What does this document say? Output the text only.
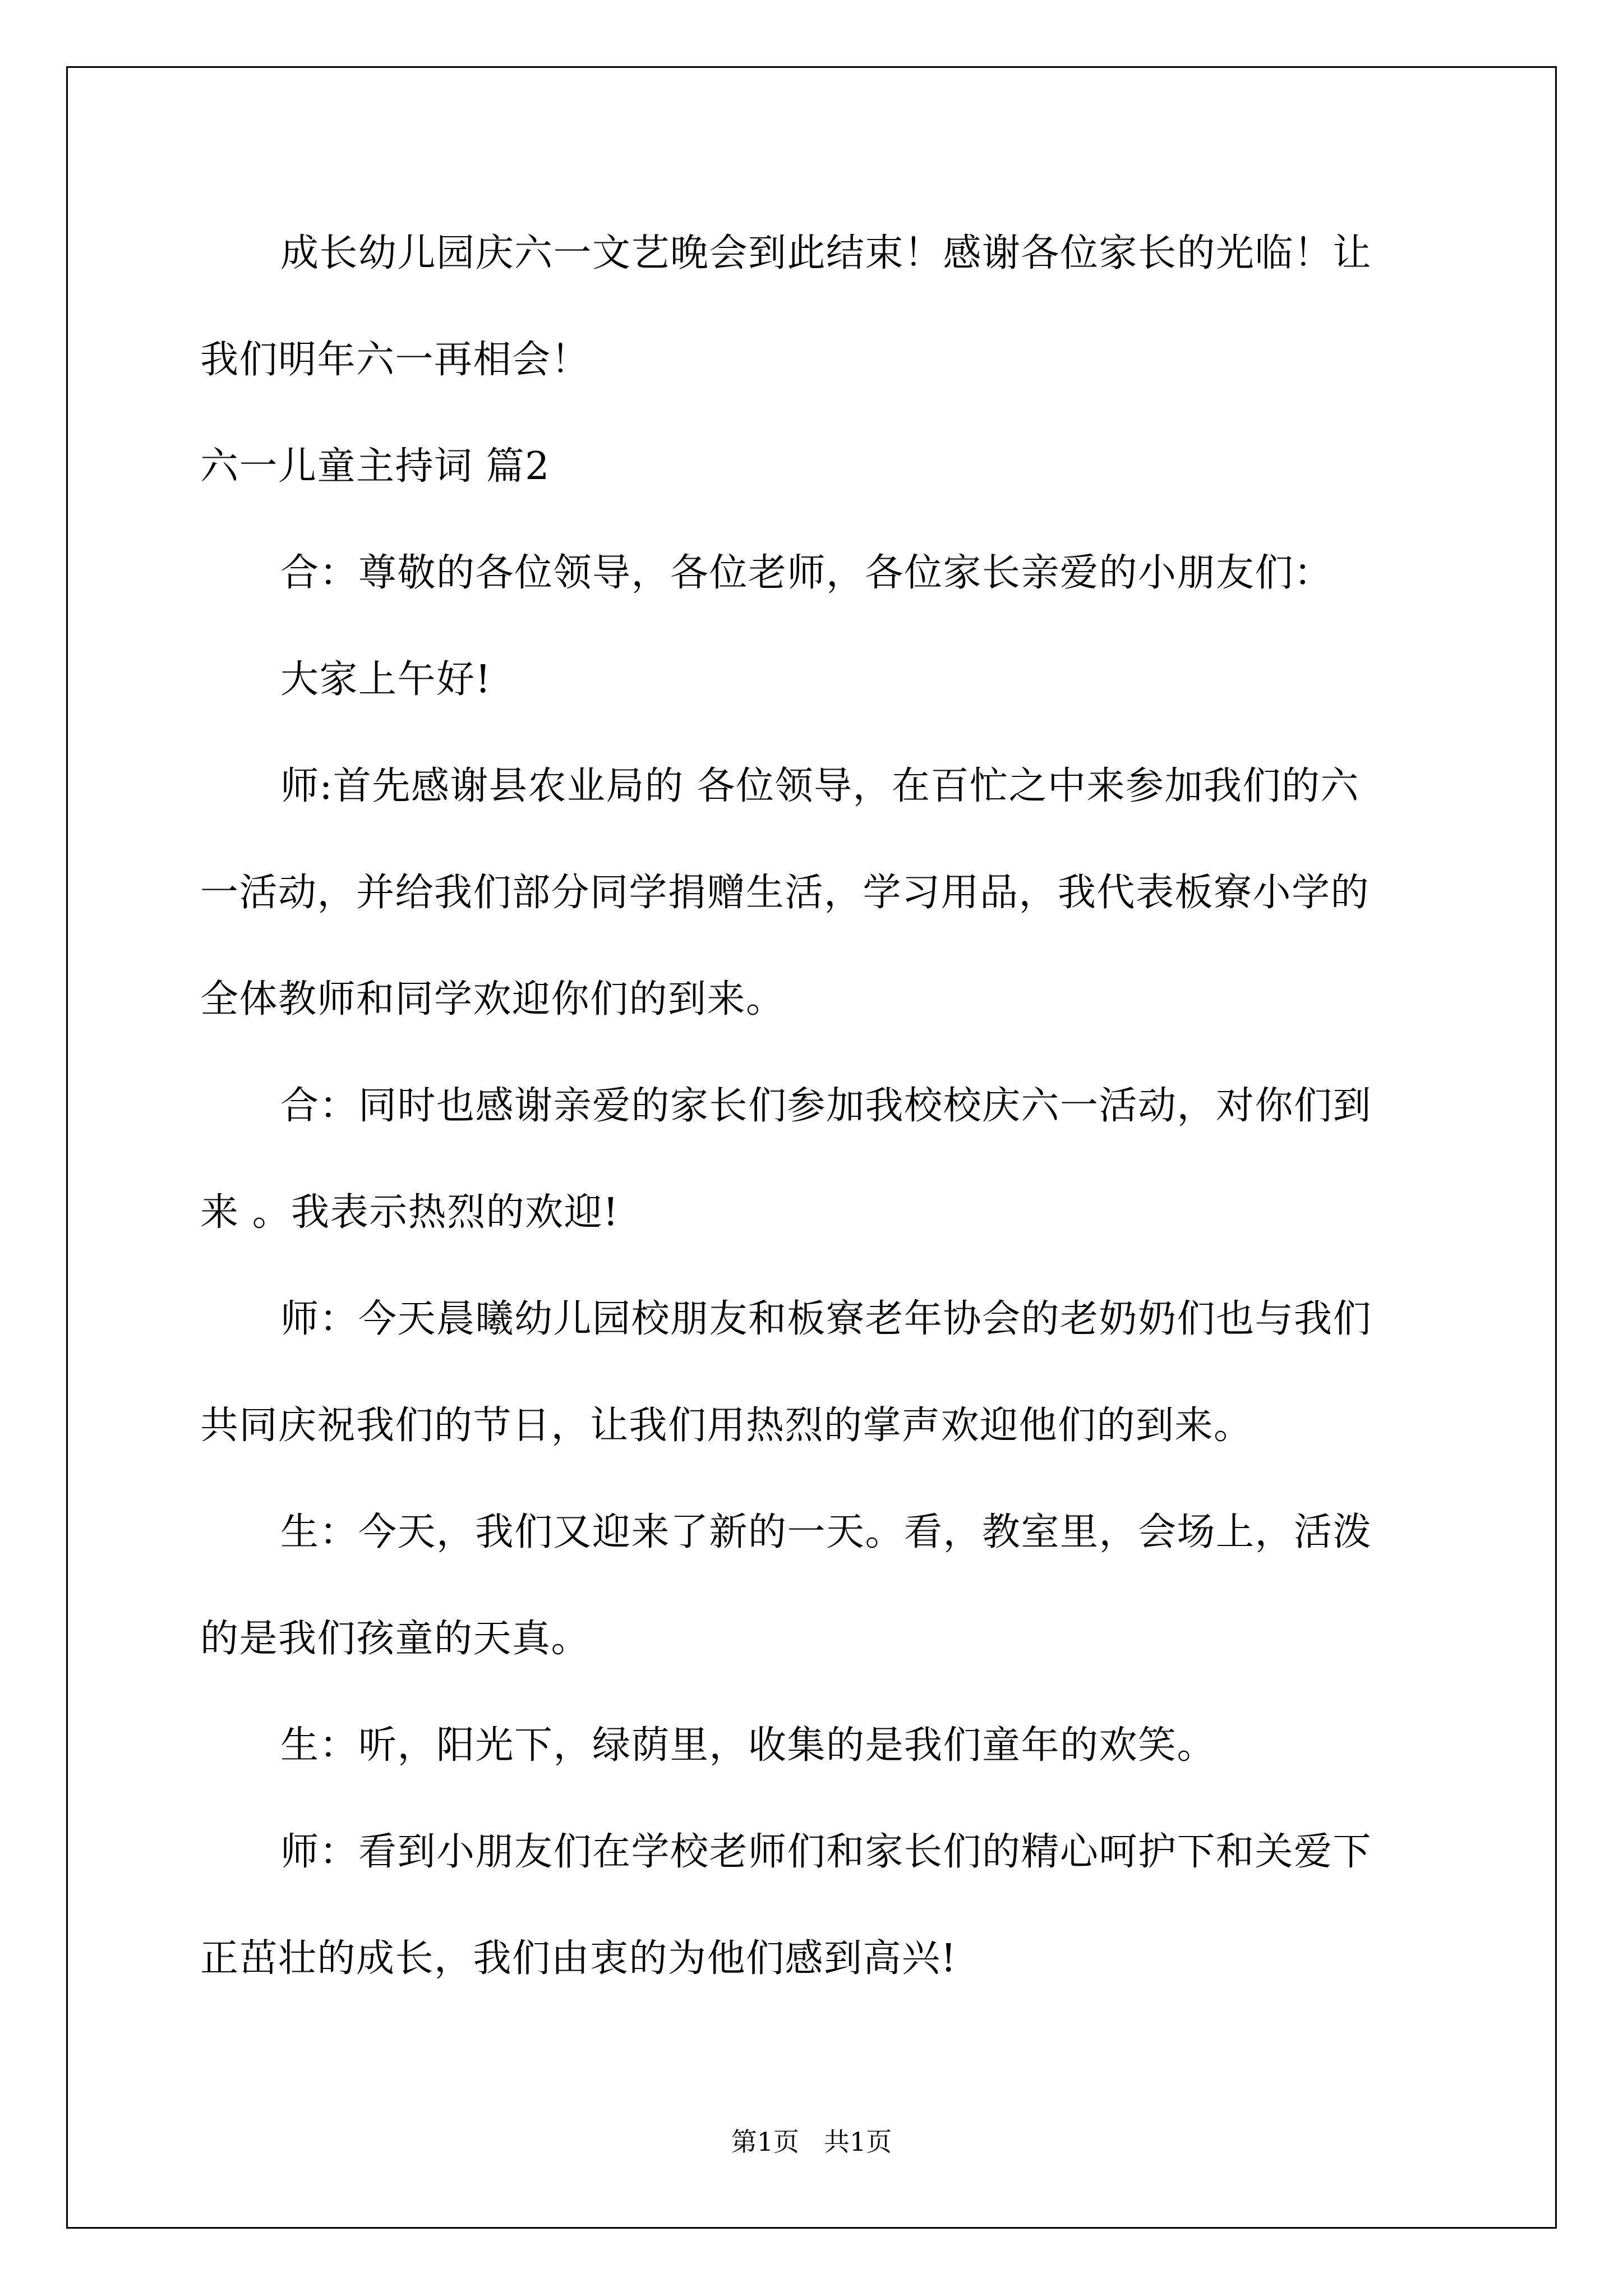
成长幼儿园庆六一文艺晚会到此结束！感谢各位家长的光临！让
我们明年六一再相会！
六一儿童主持词 篇2
合：尊敬的各位领导，各位老师，各位家长亲爱的小朋友们：
大家上午好!
师:首先感谢县农业局的 各位领导，在百忙之中来参加我们的六
一活动，并给我们部分同学捐赠生活，学习用品，我代表板寮小学的
全体教师和同学欢迎你们的到来。
合：同时也感谢亲爱的家长们参加我校校庆六一活动，对你们到
来 。我表示热烈的欢迎!
师：今天晨曦幼儿园校朋友和板寮老年协会的老奶奶们也与我们
共同庆祝我们的节日，让我们用热烈的掌声欢迎他们的到来。
生：今天，我们又迎来了新的一天。看，教室里，会场上，活泼
的是我们孩童的天真。
生：听，阳光下，绿荫里，收集的是我们童年的欢笑。
师：看到小朋友们在学校老师们和家长们的精心呵护下和关爱下
正茁壮的成长，我们由衷的为他们感到高兴!
第1页 共1页
